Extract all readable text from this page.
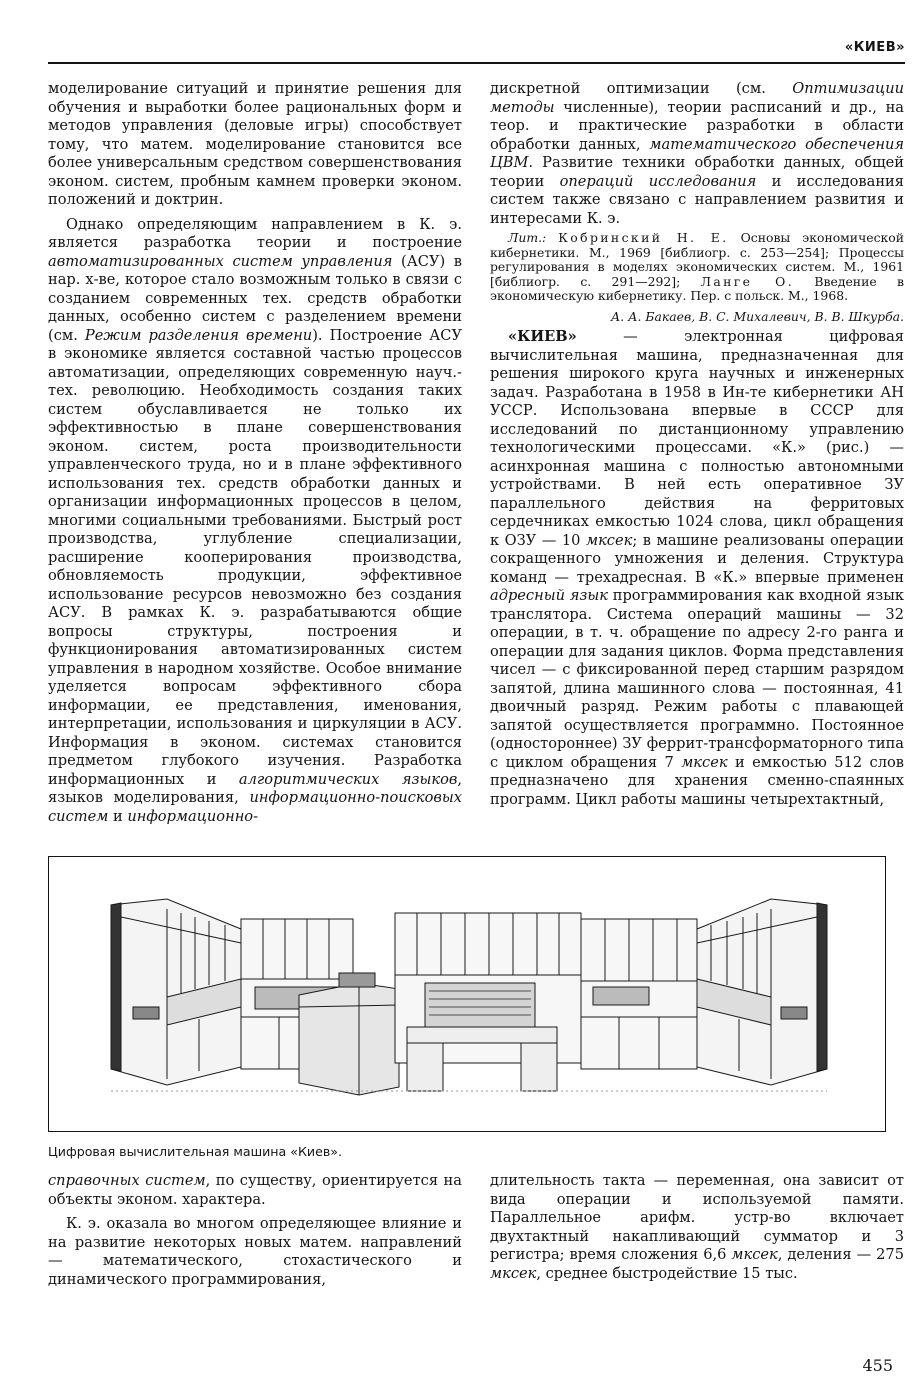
«КИЕВ»

моделирование ситуаций и принятие решения для обучения и выработки более рациональных форм и методов управления (деловые игры) способствует тому, что матем. моделирование становится все более универсальным средством совершенствования эконом. систем, пробным камнем проверки эконом. положений и доктрин.

Однако определяющим направлением в К. э. является разработка теории и построение автоматизированных систем управления (АСУ) в нар. х-ве, которое стало возможным только в связи с созданием современных тех. средств обработки данных, особенно систем с разделением времени (см. Режим разделения времени). Построение АСУ в экономике является составной частью процессов автоматизации, определяющих современную науч.-тех. революцию. Необходимость создания таких систем обуславливается не только их эффективностью в плане совершенствования эконом. систем, роста производительности управленческого труда, но и в плане эффективного использования тех. средств обработки данных и организации информационных процессов в целом, многими социальными требованиями. Быстрый рост производства, углубление специализации, расширение кооперирования производства, обновляемость продукции, эффективное использование ресурсов невозможно без создания АСУ. В рамках К. э. разрабатываются общие вопросы структуры, построения и функционирования автоматизированных систем управления в народном хозяйстве. Особое внимание уделяется вопросам эффективного сбора информации, ее представления, именования, интерпретации, использования и циркуляции в АСУ. Информация в эконом. системах становится предметом глубокого изучения. Разработка информационных и алгоритмических языков, языков моделирования, информационно-поисковых систем и информационно-

дискретной оптимизации (см. Оптимизации методы численные), теории расписаний и др., на теор. и практические разработки в области обработки данных, математического обеспечения ЦВМ. Развитие техники обработки данных, общей теории операций исследования и исследования систем также связано с направлением развития и интересами К. э.

Лит.: Кобринский Н. Е. Основы экономической кибернетики. М., 1969 [библиогр. с. 253—254]; Процессы регулирования в моделях экономических систем. М., 1961 [библиогр. с. 291—292]; Ланге О. Введение в экономическую кибернетику. Пер. с польск. М., 1968.

А. А. Бакаев, В. С. Михалевич, В. В. Шкурба.

«КИЕВ» — электронная цифровая вычислительная машина, предназначенная для решения широкого круга научных и инженерных задач. Разработана в 1958 в Ин-те кибернетики АН УССР. Использована впервые в СССР для исследований по дистанционному управлению технологическими процессами. «К.» (рис.) — асинхронная машина с полностью автономными устройствами. В ней есть оперативное ЗУ параллельного действия на ферритовых сердечниках емкостью 1024 слова, цикл обращения к ОЗУ — 10 мксек; в машине реализованы операции сокращенного умножения и деления. Структура команд — трехадресная. В «К.» впервые применен адресный язык программирования как входной язык транслятора. Система операций машины — 32 операции, в т. ч. обращение по адресу 2-го ранга и операции для задания циклов. Форма представления чисел — с фиксированной перед старшим разрядом запятой, длина машинного слова — постоянная, 41 двоичный разряд. Режим работы с плавающей запятой осуществляется программно. Постоянное (одностороннее) ЗУ феррит-трансформаторного типа с циклом обращения 7 мксек и емкостью 512 слов предназначено для хранения сменно-спаянных программ. Цикл работы машины четырехтактный,

Цифровая вычислительная машина «Киев».

справочных систем, по существу, ориентируется на объекты эконом. характера.

К. э. оказала во многом определяющее влияние и на развитие некоторых новых матем. направлений — математического, стохастического и динамического программирования,

длительность такта — переменная, она зависит от вида операции и используемой памяти. Параллельное арифм. устр-во включает двухтактный накапливающий сумматор и 3 регистра; время сложения 6,6 мксек, деления — 275 мксек, среднее быстродействие 15 тыс.

455
